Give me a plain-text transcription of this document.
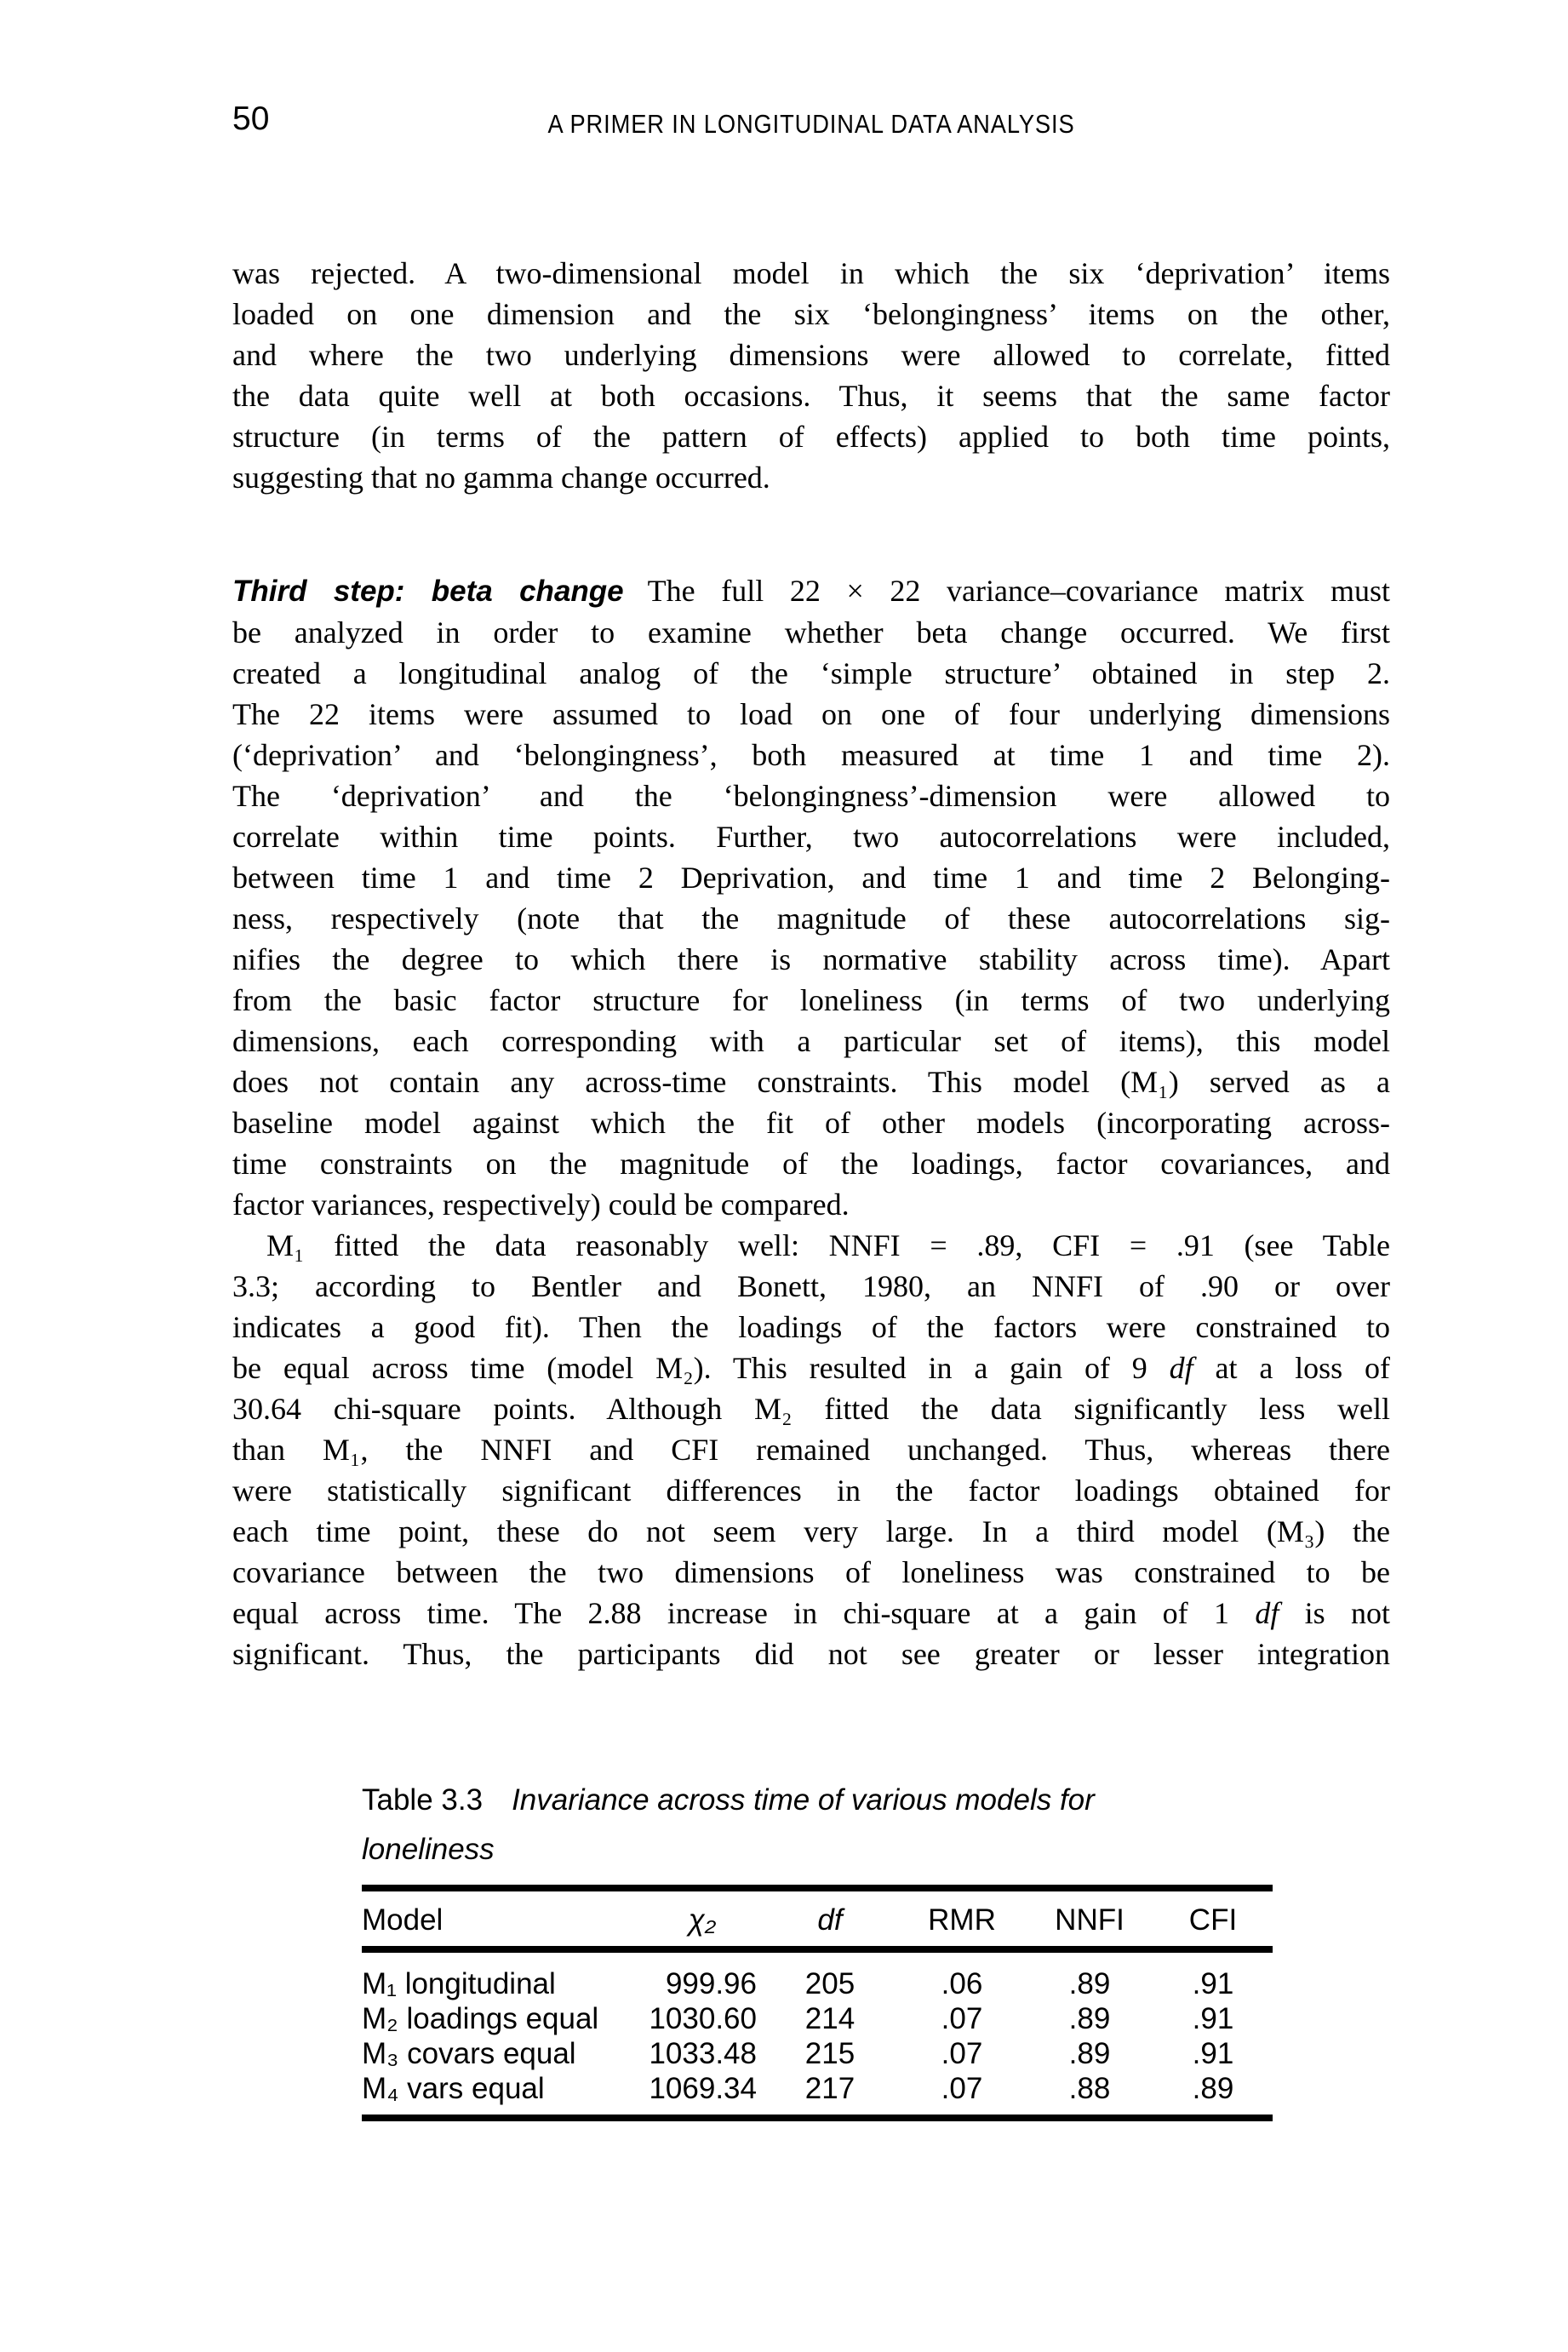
50	A PRIMER IN LONGITUDINAL DATA ANALYSIS
was rejected. A two-dimensional model in which the six ‘deprivation’ items
loaded on one dimension and the six ‘belongingness’ items on the other,
and where the two underlying dimensions were allowed to correlate, fitted
the data quite well at both occasions. Thus, it seems that the same factor
structure (in terms of the pattern of effects) applied to both time points,
suggesting that no gamma change occurred.
Third step: beta change The full 22 × 22 variance–covariance matrix must
be analyzed in order to examine whether beta change occurred. We first
created a longitudinal analog of the ‘simple structure’ obtained in step 2.
The 22 items were assumed to load on one of four underlying dimensions
(‘deprivation’ and ‘belongingness’, both measured at time 1 and time 2).
The ‘deprivation’ and the ‘belongingness’-dimension were allowed to
correlate within time points. Further, two autocorrelations were included,
between time 1 and time 2 Deprivation, and time 1 and time 2 Belonging-
ness, respectively (note that the magnitude of these autocorrelations sig-
nifies the degree to which there is normative stability across time). Apart
from the basic factor structure for loneliness (in terms of two underlying
dimensions, each corresponding with a particular set of items), this model
does not contain any across-time constraints. This model (M₁) served as a
baseline model against which the fit of other models (incorporating across-
time constraints on the magnitude of the loadings, factor covariances, and
factor variances, respectively) could be compared.
M₁ fitted the data reasonably well: NNFI = .89, CFI = .91 (see Table
3.3; according to Bentler and Bonett, 1980, an NNFI of .90 or over
indicates a good fit). Then the loadings of the factors were constrained to
be equal across time (model M₂). This resulted in a gain of 9 df at a loss of
30.64 chi-square points. Although M₂ fitted the data significantly less well
than M₁, the NNFI and CFI remained unchanged. Thus, whereas there
were statistically significant differences in the factor loadings obtained for
each time point, these do not seem very large. In a third model (M₃) the
covariance between the two dimensions of loneliness was constrained to be
equal across time. The 2.88 increase in chi-square at a gain of 1 df is not
significant. Thus, the participants did not see greater or lesser integration
Table 3.3 Invariance across time of various models for
loneliness
Model	χ₂	df	RMR	NNFI	CFI
M₁ longitudinal	999.96	205	.06	.89	.91
M₂ loadings equal	1030.60	214	.07	.89	.91
M₃ covars equal	1033.48	215	.07	.89	.91
M₄ vars equal	1069.34	217	.07	.88	.89
